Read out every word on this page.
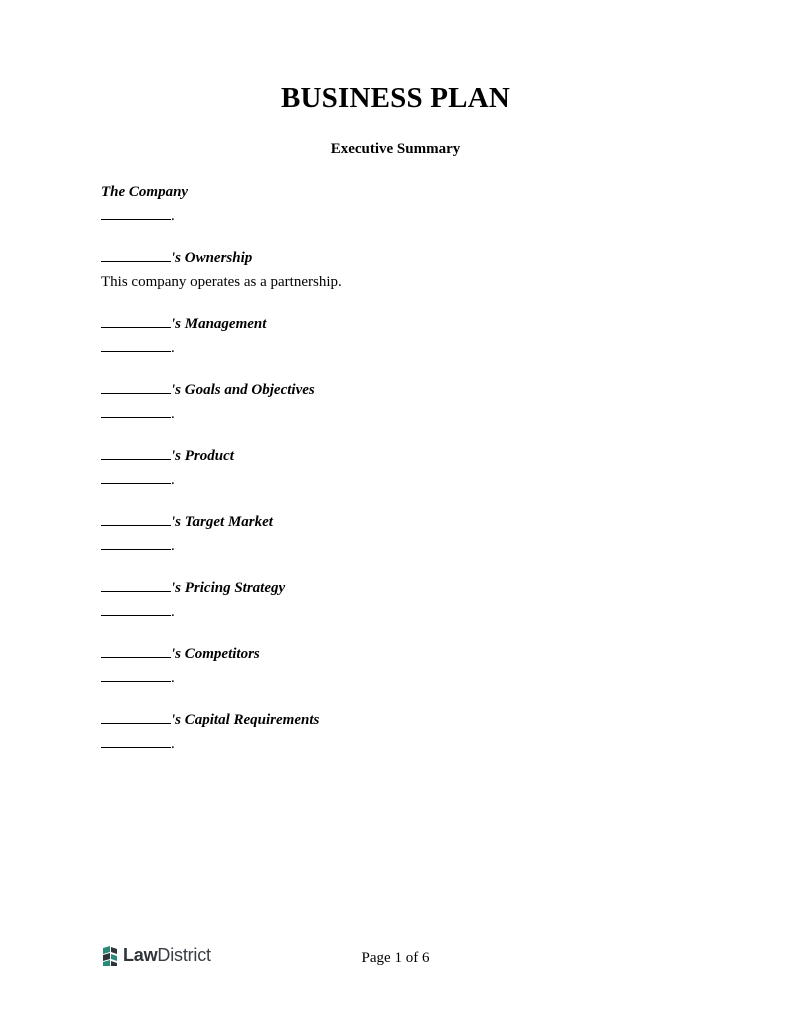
BUSINESS PLAN
Executive Summary
The Company
.
's Ownership
This company operates as a partnership.
's Management
.
's Goals and Objectives
.
's Product
.
's Target Market
.
's Pricing Strategy
.
's Competitors
.
's Capital Requirements
.
LawDistrict	Page 1 of 6
